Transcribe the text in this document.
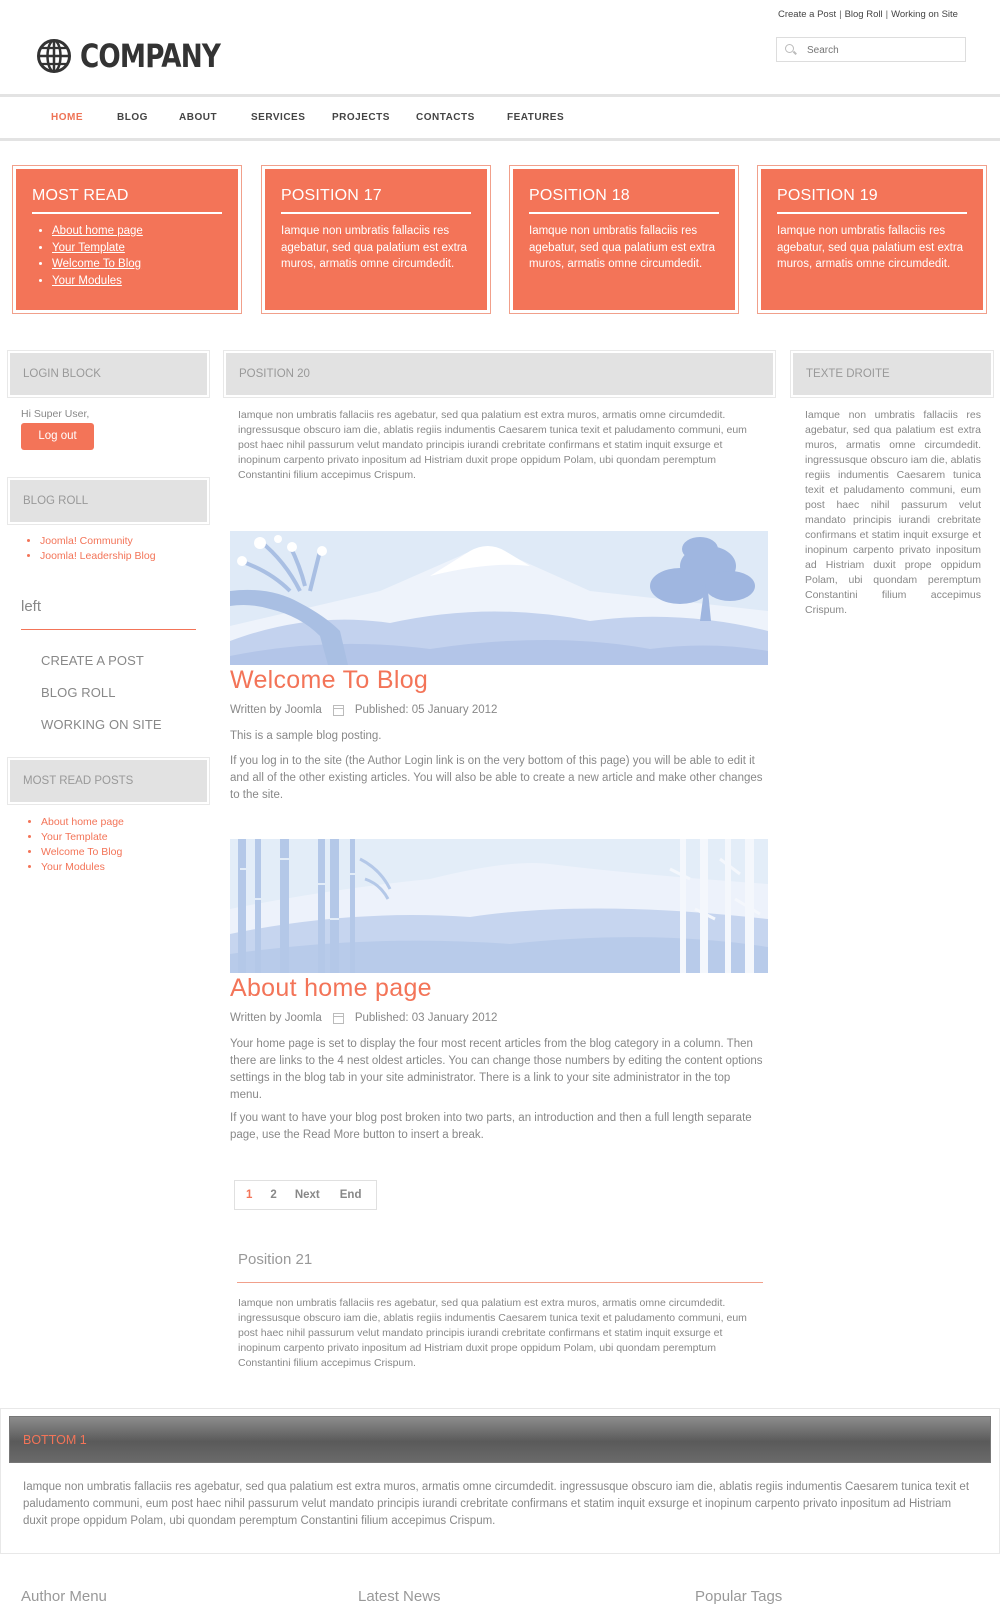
Create a Post | Blog Roll | Working on Site
Search
COMPANY
HOME	BLOG	ABOUT	SERVICES	PROJECTS	CONTACTS	FEATURES
MOST READ
• About home page
• Your Template
• Welcome To Blog
• Your Modules
POSITION 17

Iamque non umbratis fallaciis res agebatur, sed qua palatium est extra muros, armatis omne circumdedit.

POSITION 18

Iamque non umbratis fallaciis res agebatur, sed qua palatium est extra muros, armatis omne circumdedit.

POSITION 19

Iamque non umbratis fallaciis res agebatur, sed qua palatium est extra muros, armatis omne circumdedit.

LOGIN BLOCK
Hi Super User,
Log out
BLOG ROLL
• Joomla! Community
• Joomla! Leadership Blog
left
CREATE A POST
BLOG ROLL
WORKING ON SITE
MOST READ POSTS
• About home page
• Your Template
• Welcome To Blog
• Your Modules
POSITION 20
Iamque non umbratis fallaciis res agebatur, sed qua palatium est extra muros, armatis omne circumdedit. ingressusque obscuro iam die, ablatis regiis indumentis Caesarem tunica texit et paludamento communi, eum post haec nihil passurum velut mandato principis iurandi crebritate confirmans et statim inquit exsurge et inopinum carpento privato inpositum ad Histriam duxit prope oppidum Polam, ubi quondam peremptum Constantini filium accepimus Crispum.
Welcome To Blog
Written by Joomla	Published: 05 January 2012
This is a sample blog posting.
If you log in to the site (the Author Login link is on the very bottom of this page) you will be able to edit it and all of the other existing articles. You will also be able to create a new article and make other changes to the site.
About home page
Written by Joomla	Published: 03 January 2012
Your home page is set to display the four most recent articles from the blog category in a column. Then there are links to the 4 nest oldest articles. You can change those numbers by editing the content options settings in the blog tab in your site administrator. There is a link to your site administrator in the top menu.
If you want to have your blog post broken into two parts, an introduction and then a full length separate page, use the Read More button to insert a break.
1 2 Next End
Position 21
Iamque non umbratis fallaciis res agebatur, sed qua palatium est extra muros, armatis omne circumdedit. ingressusque obscuro iam die, ablatis regiis indumentis Caesarem tunica texit et paludamento communi, eum post haec nihil passurum velut mandato principis iurandi crebritate confirmans et statim inquit exsurge et inopinum carpento privato inpositum ad Histriam duxit prope oppidum Polam, ubi quondam peremptum Constantini filium accepimus Crispum.
TEXTE DROITE
Iamque non umbratis fallaciis res agebatur, sed qua palatium est extra muros, armatis omne circumdedit. ingressusque obscuro iam die, ablatis regiis indumentis Caesarem tunica texit et paludamento communi, eum post haec nihil passurum velut mandato principis iurandi crebritate confirmans et statim inquit exsurge et inopinum carpento privato inpositum ad Histriam duxit prope oppidum Polam, ubi quondam peremptum Constantini filium accepimus Crispum.
BOTTOM 1
Iamque non umbratis fallaciis res agebatur, sed qua palatium est extra muros, armatis omne circumdedit. ingressusque obscuro iam die, ablatis regiis indumentis Caesarem tunica texit et paludamento communi, eum post haec nihil passurum velut mandato principis iurandi crebritate confirmans et statim inquit exsurge et inopinum carpento privato inpositum ad Histriam duxit prope oppidum Polam, ubi quondam peremptum Constantini filium accepimus Crispum.
Author Menu	Latest News	Popular Tags
